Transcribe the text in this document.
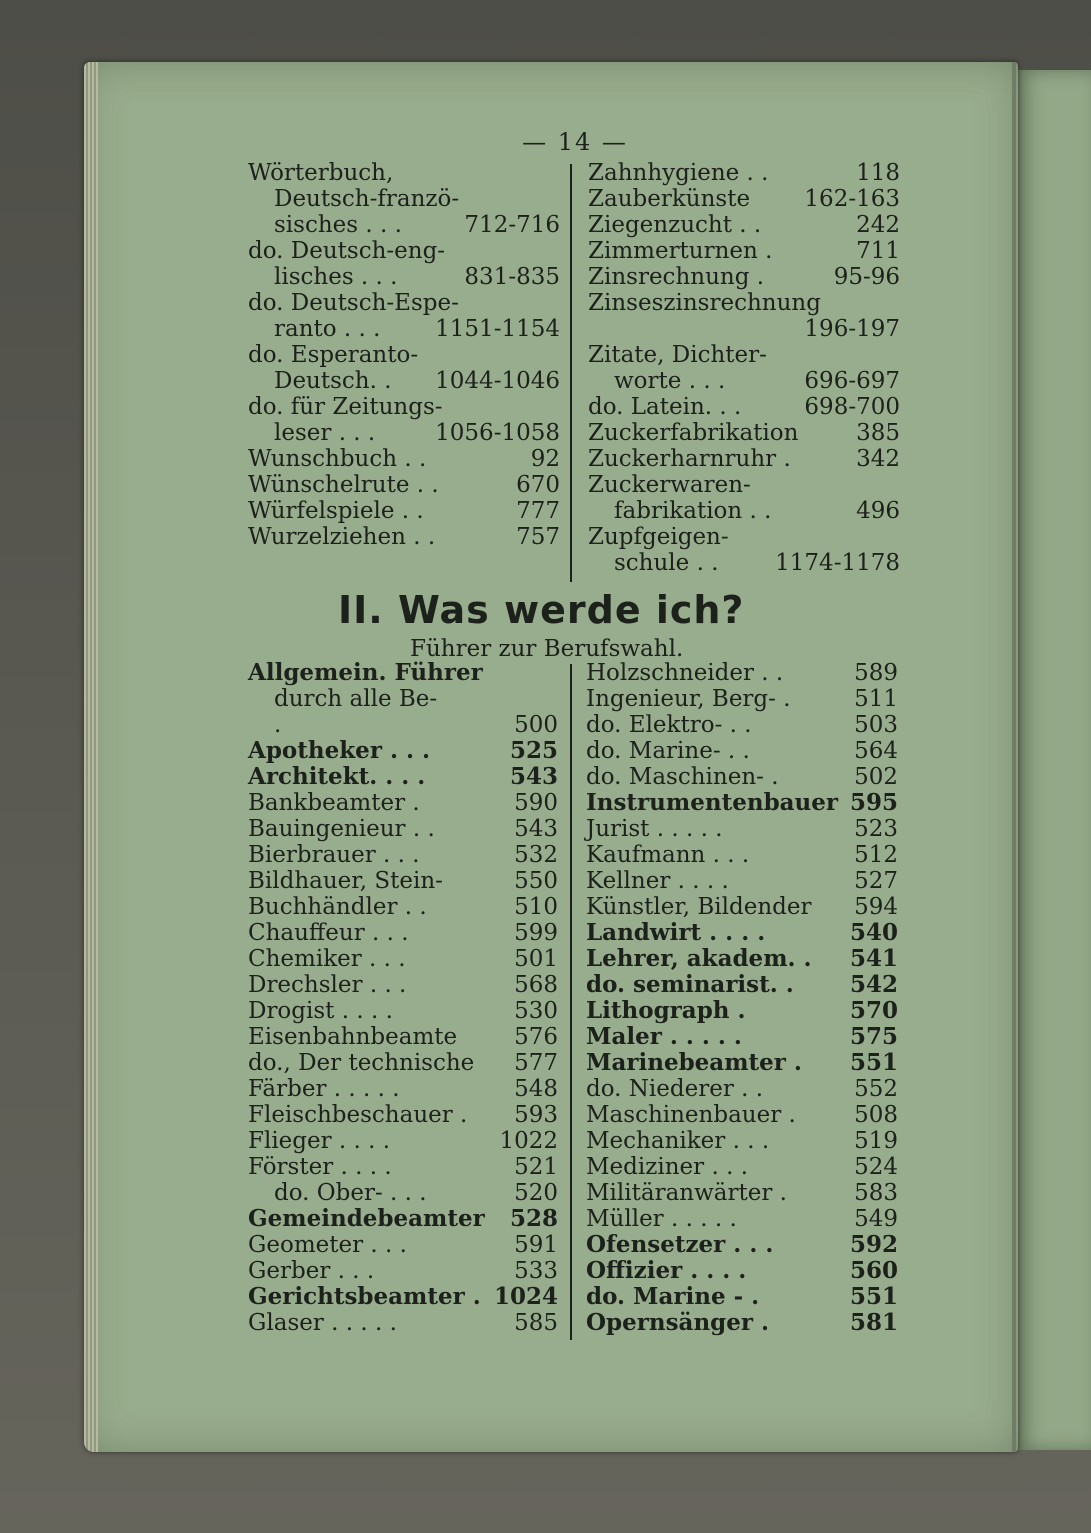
— 14 —
Wörterbuch,
Deutsch-franzö-
sisches . . .	712-716
do. Deutsch-eng-
lisches . . .	831-835
do. Deutsch-Espe-
ranto . . . 1151-1154
do. Esperanto-
Deutsch. . 1044-1046
do. für Zeitungs-
leser . . .	1056-1058
Wunschbuch . .	92
Wünschelrute . .	670
Würfelspiele . .	777
Wurzelziehen . .	757
Zahnhygiene . .	118
Zauberkünste 162-163
Ziegenzucht . .	242
Zimmerturnen .	711
Zinsrechnung .	95-96
Zinseszinsrechnung
196-197
Zitate, Dichter-
worte . . .	696-697
do. Latein. . .	698-700
Zuckerfabrikation	385
Zuckerharnruhr .	342
Zuckerwaren-
fabrikation . .	496
Zupfgeigen-
schule . . 1174-1178
II. Was werde ich?
Führer zur Berufswahl.
Allgemein. Führer
durch alle Be-
.	500
Apotheker . . .	525
Architekt. . . .	543
Bankbeamter .	590
Bauingenieur . .	543
Bierbrauer . . .	532
Bildhauer, Stein-	550
Buchhändler . .	510
Chauffeur . . .	599
Chemiker . . .	501
Drechsler . . .	568
Drogist . . . .	530
Eisenbahnbeamte 576
do., Der technische 577
Färber . . . . .	548
Fleischbeschauer . 593
Flieger . . . .	1022
Förster . . . .	521
do. Ober- . . .	520
Gemeindebeamter 528
Geometer . . .	591
Gerber . . .	533
Gerichtsbeamter . 1024
Glaser . . . . .	585
Holzschneider . .	589
Ingenieur, Berg- .	511
do. Elektro- . .	503
do. Marine- . .	564
do. Maschinen- .	502
Instrumentenbauer 595
Jurist . . . . .	523
Kaufmann . . .	512
Kellner . . . .	527
Künstler, Bildender 594
Landwirt . . . .	540
Lehrer, akadem. . 541
do. seminarist. . 542
Lithograph .	570
Maler . . . . .	575
Marinebeamter . 551
do. Niederer . .	552
Maschinenbauer .	508
Mechaniker . . .	519
Mediziner . . .	524
Militäranwärter .	583
Müller . . . . .	549
Ofensetzer . . .	592
Offizier . . . .	560
do. Marine - .	551
Opernsänger .	581
